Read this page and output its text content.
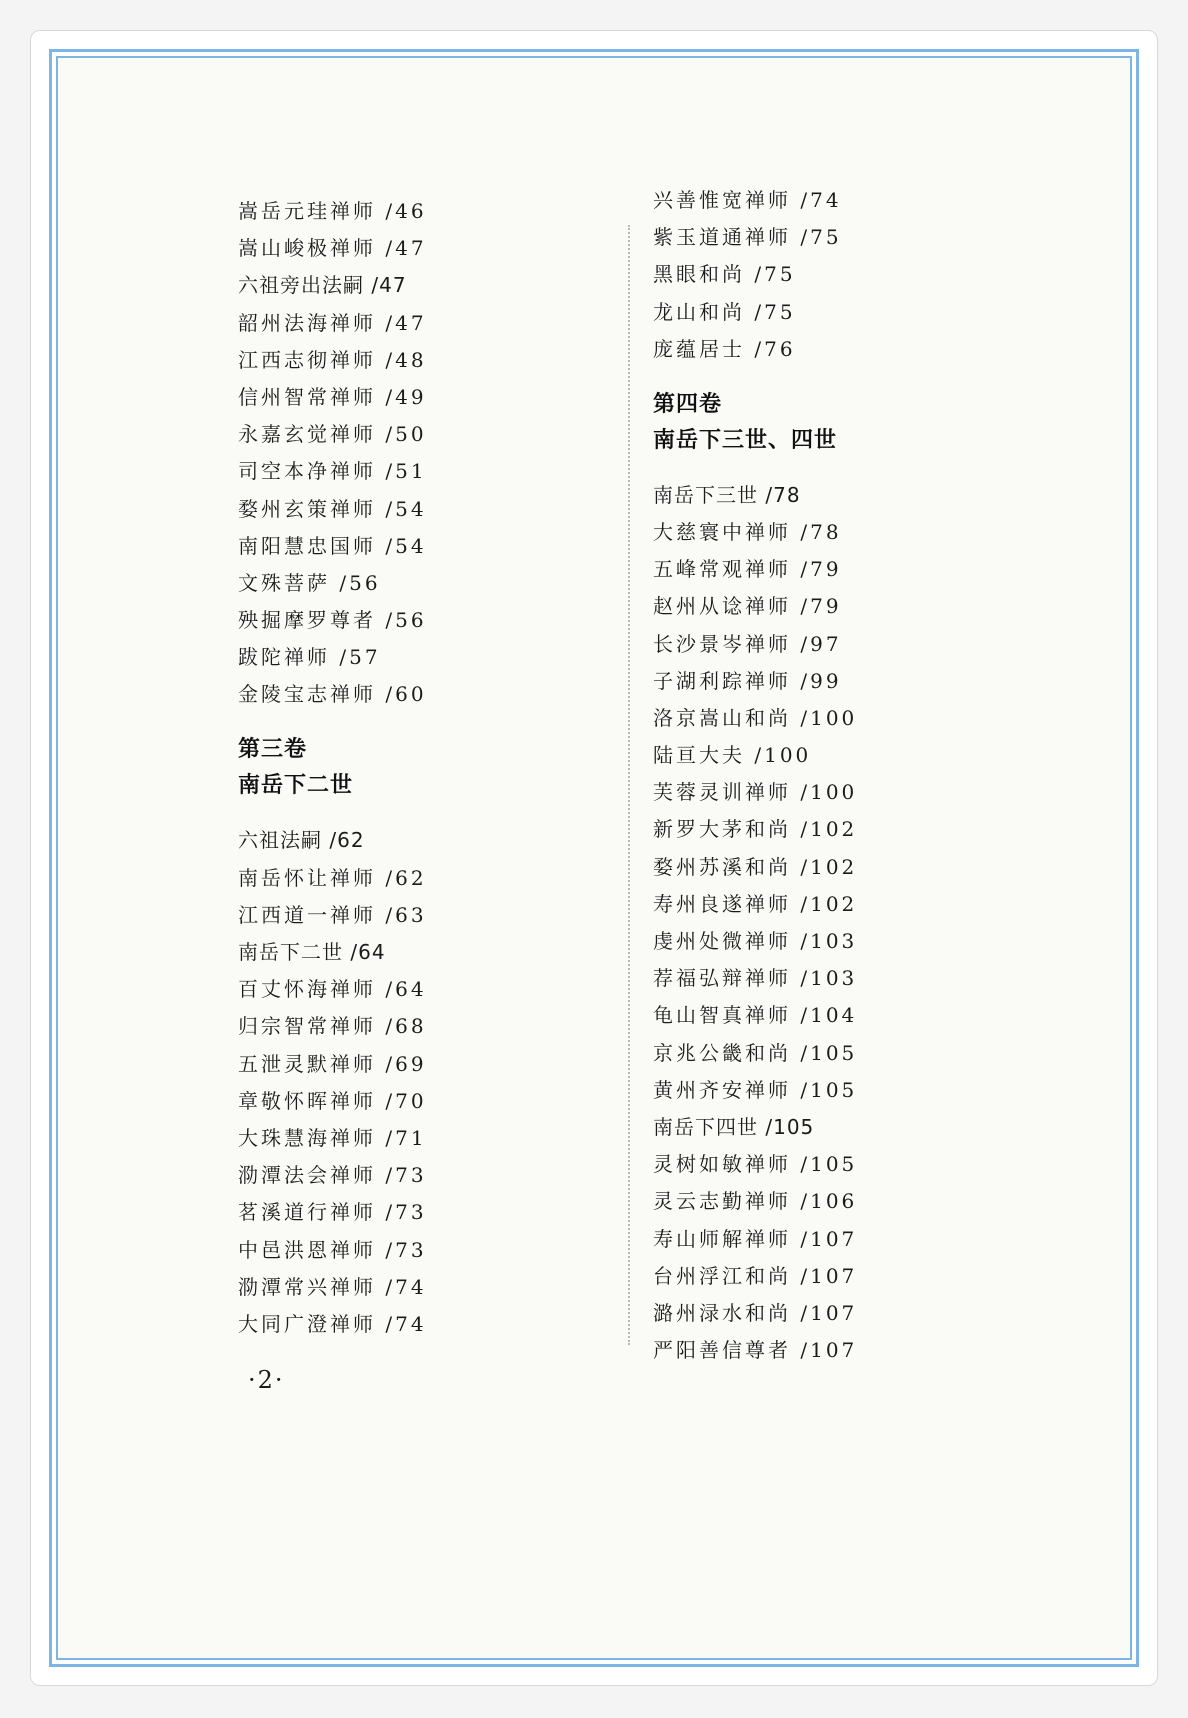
嵩岳元珪禅师 /46
嵩山峻极禅师 /47
六祖旁出法嗣 /47
韶州法海禅师 /47
江西志彻禅师 /48
信州智常禅师 /49
永嘉玄觉禅师 /50
司空本净禅师 /51
婺州玄策禅师 /54
南阳慧忠国师 /54
文殊菩萨 /56
殃掘摩罗尊者 /56
跋陀禅师 /57
金陵宝志禅师 /60
第三卷
南岳下二世
六祖法嗣 /62
南岳怀让禅师 /62
江西道一禅师 /63
南岳下二世 /64
百丈怀海禅师 /64
归宗智常禅师 /68
五泄灵默禅师 /69
章敬怀晖禅师 /70
大珠慧海禅师 /71
泐潭法会禅师 /73
茗溪道行禅师 /73
中邑洪恩禅师 /73
泐潭常兴禅师 /74
大同广澄禅师 /74
兴善惟宽禅师 /74
紫玉道通禅师 /75
黑眼和尚 /75
龙山和尚 /75
庞蕴居士 /76
第四卷
南岳下三世、四世
南岳下三世 /78
大慈寰中禅师 /78
五峰常观禅师 /79
赵州从谂禅师 /79
长沙景岑禅师 /97
子湖利踪禅师 /99
洛京嵩山和尚 /100
陆亘大夫 /100
芙蓉灵训禅师 /100
新罗大茅和尚 /102
婺州苏溪和尚 /102
寿州良遂禅师 /102
虔州处微禅师 /103
荐福弘辩禅师 /103
龟山智真禅师 /104
京兆公畿和尚 /105
黄州齐安禅师 /105
南岳下四世 /105
灵树如敏禅师 /105
灵云志勤禅师 /106
寿山师解禅师 /107
台州浮江和尚 /107
潞州渌水和尚 /107
严阳善信尊者 /107
·2·
